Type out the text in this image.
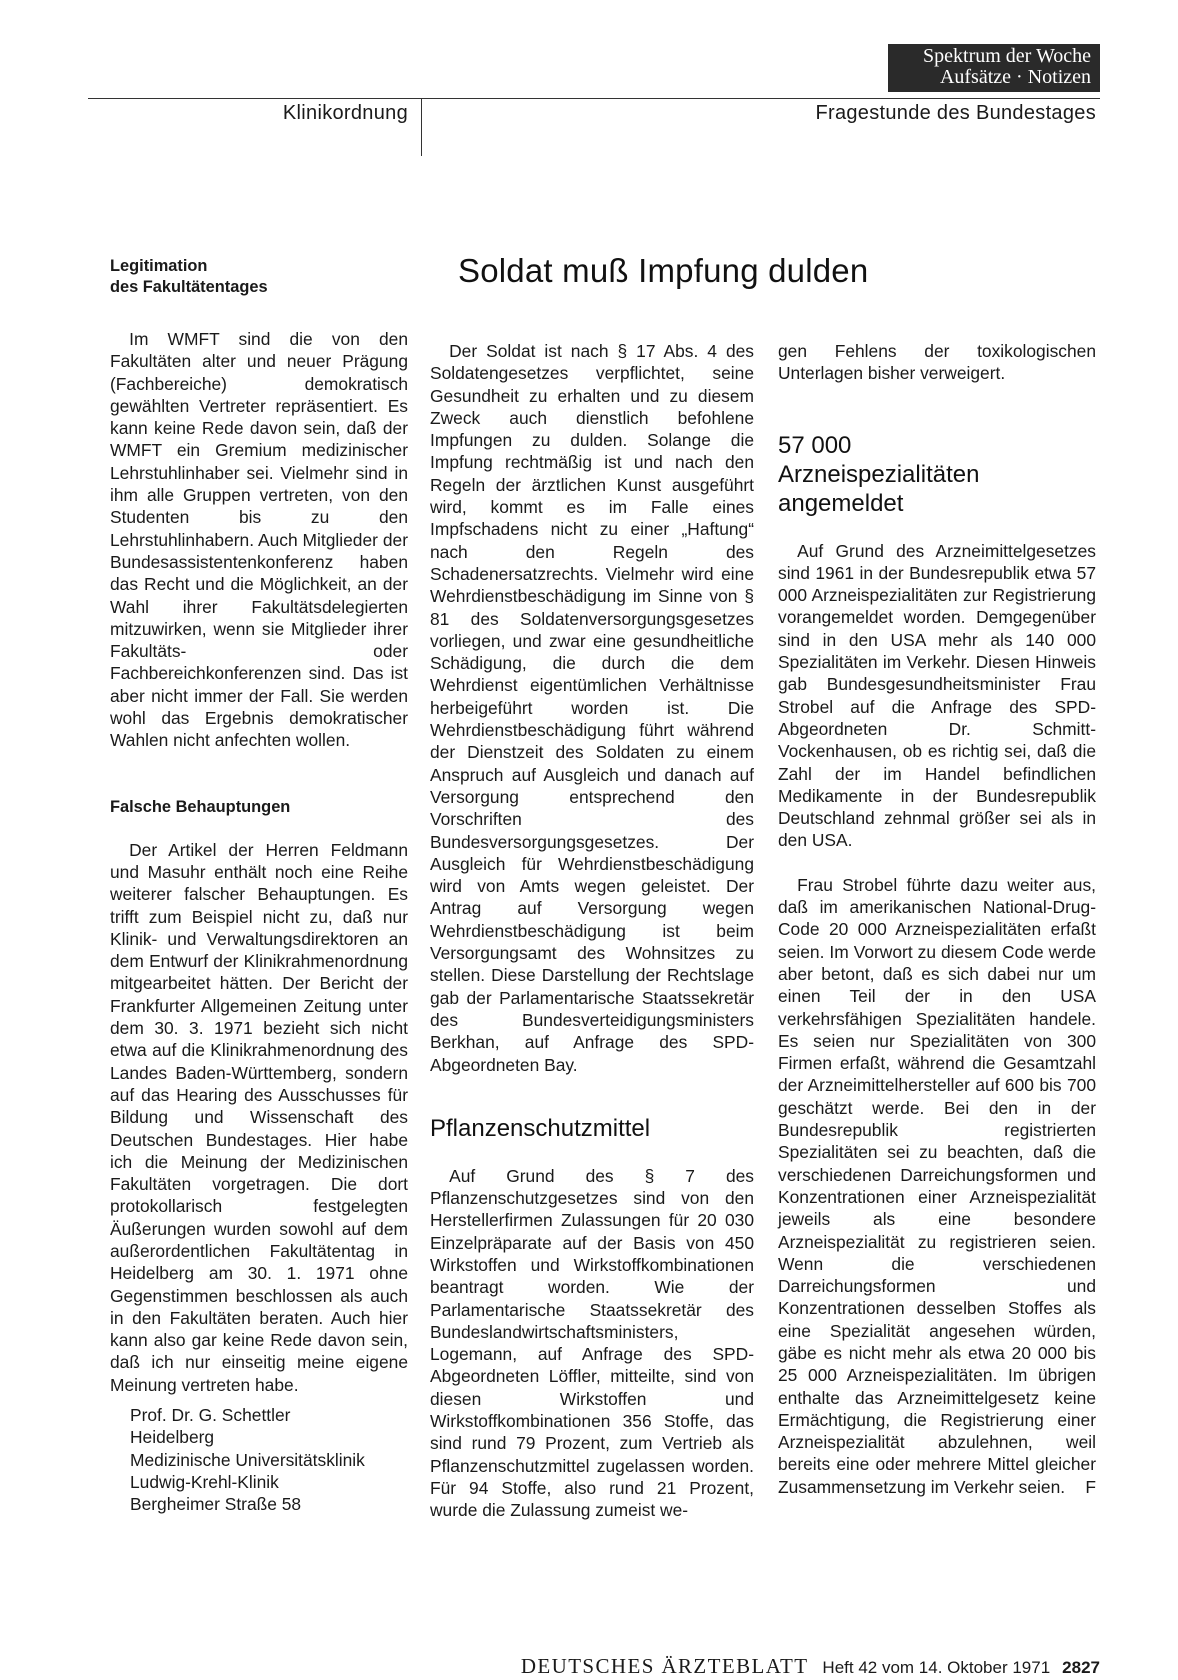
Spektrum der Woche
Aufsätze · Notizen
Klinikordnung	Fragestunde des Bundestages
Legitimation
des Fakultätentages

Im WMFT sind die von den Fakultäten alter und neuer Prägung (Fachbereiche) demokratisch gewählten Vertreter repräsentiert. Es kann keine Rede davon sein, daß der WMFT ein Gremium medizinischer Lehrstuhlinhaber sei. Vielmehr sind in ihm alle Gruppen vertreten, von den Studenten bis zu den Lehrstuhlinhabern. Auch Mitglieder der Bundesassistentenkonferenz haben das Recht und die Möglichkeit, an der Wahl ihrer Fakultätsdelegierten mitzuwirken, wenn sie Mitglieder ihrer Fakultäts- oder Fachbereichkonferenzen sind. Das ist aber nicht immer der Fall. Sie werden wohl das Ergebnis demokratischer Wahlen nicht anfechten wollen.

Falsche Behauptungen

Der Artikel der Herren Feldmann und Masuhr enthält noch eine Reihe weiterer falscher Behauptungen. Es trifft zum Beispiel nicht zu, daß nur Klinik- und Verwaltungsdirektoren an dem Entwurf der Klinikrahmenordnung mitgearbeitet hätten. Der Bericht der Frankfurter Allgemeinen Zeitung unter dem 30. 3. 1971 bezieht sich nicht etwa auf die Klinikrahmenordnung des Landes Baden-Württemberg, sondern auf das Hearing des Ausschusses für Bildung und Wissenschaft des Deutschen Bundestages. Hier habe ich die Meinung der Medizinischen Fakultäten vorgetragen. Die dort protokollarisch festgelegten Äußerungen wurden sowohl auf dem außerordentlichen Fakultätentag in Heidelberg am 30. 1. 1971 ohne Gegenstimmen beschlossen als auch in den Fakultäten beraten. Auch hier kann also gar keine Rede davon sein, daß ich nur einseitig meine eigene Meinung vertreten habe.

Prof. Dr. G. Schettler
Heidelberg
Medizinische Universitätsklinik
Ludwig-Krehl-Klinik
Bergheimer Straße 58
Soldat muß Impfung dulden

Der Soldat ist nach § 17 Abs. 4 des Soldatengesetzes verpflichtet, seine Gesundheit zu erhalten und zu diesem Zweck auch dienstlich befohlene Impfungen zu dulden. Solange die Impfung rechtmäßig ist und nach den Regeln der ärztlichen Kunst ausgeführt wird, kommt es im Falle eines Impfschadens nicht zu einer „Haftung“ nach den Regeln des Schadenersatzrechts. Vielmehr wird eine Wehrdienstbeschädigung im Sinne von § 81 des Soldatenversorgungsgesetzes vorliegen, und zwar eine gesundheitliche Schädigung, die durch die dem Wehrdienst eigentümlichen Verhältnisse herbeigeführt worden ist. Die Wehrdienstbeschädigung führt während der Dienstzeit des Soldaten zu einem Anspruch auf Ausgleich und danach auf Versorgung entsprechend den Vorschriften des Bundesversorgungsgesetzes. Der Ausgleich für Wehrdienstbeschädigung wird von Amts wegen geleistet. Der Antrag auf Versorgung wegen Wehrdienstbeschädigung ist beim Versorgungsamt des Wohnsitzes zu stellen. Diese Darstellung der Rechtslage gab der Parlamentarische Staatssekretär des Bundesverteidigungsministers Berkhan, auf Anfrage des SPD-Abgeordneten Bay.

Pflanzenschutzmittel

Auf Grund des § 7 des Pflanzenschutzgesetzes sind von den Herstellerfirmen Zulassungen für 20 030 Einzelpräparate auf der Basis von 450 Wirkstoffen und Wirkstoffkombinationen beantragt worden. Wie der Parlamentarische Staatssekretär des Bundeslandwirtschaftsministers, Logemann, auf Anfrage des SPD-Abgeordneten Löffler, mitteilte, sind von diesen Wirkstoffen und Wirkstoffkombinationen 356 Stoffe, das sind rund 79 Prozent, zum Vertrieb als Pflanzenschutzmittel zugelassen worden. Für 94 Stoffe, also rund 21 Prozent, wurde die Zulassung zumeist we-

gen Fehlens der toxikologischen Unterlagen bisher verweigert.

57 000
Arzneispezialitäten
angemeldet

Auf Grund des Arzneimittelgesetzes sind 1961 in der Bundesrepublik etwa 57 000 Arzneispezialitäten zur Registrierung vorangemeldet worden. Demgegenüber sind in den USA mehr als 140 000 Spezialitäten im Verkehr. Diesen Hinweis gab Bundesgesundheitsminister Frau Strobel auf die Anfrage des SPD-Abgeordneten Dr. Schmitt-Vockenhausen, ob es richtig sei, daß die Zahl der im Handel befindlichen Medikamente in der Bundesrepublik Deutschland zehnmal größer sei als in den USA.

Frau Strobel führte dazu weiter aus, daß im amerikanischen National-Drug-Code 20 000 Arzneispezialitäten erfaßt seien. Im Vorwort zu diesem Code werde aber betont, daß es sich dabei nur um einen Teil der in den USA verkehrsfähigen Spezialitäten handele. Es seien nur Spezialitäten von 300 Firmen erfaßt, während die Gesamtzahl der Arzneimittelhersteller auf 600 bis 700 geschätzt werde. Bei den in der Bundesrepublik registrierten Spezialitäten sei zu beachten, daß die verschiedenen Darreichungsformen und Konzentrationen einer Arzneispezialität jeweils als eine besondere Arzneispezialität zu registrieren seien. Wenn die verschiedenen Darreichungsformen und Konzentrationen desselben Stoffes als eine Spezialität angesehen würden, gäbe es nicht mehr als etwa 20 000 bis 25 000 Arzneispezialitäten. Im übrigen enthalte das Arzneimittelgesetz keine Ermächtigung, die Registrierung einer Arzneispezialität abzulehnen, weil bereits eine oder mehrere Mittel gleicher Zusammensetzung im Verkehr seien. F

DEUTSCHES ÄRZTEBLATT Heft 42 vom 14. Oktober 1971 2827
